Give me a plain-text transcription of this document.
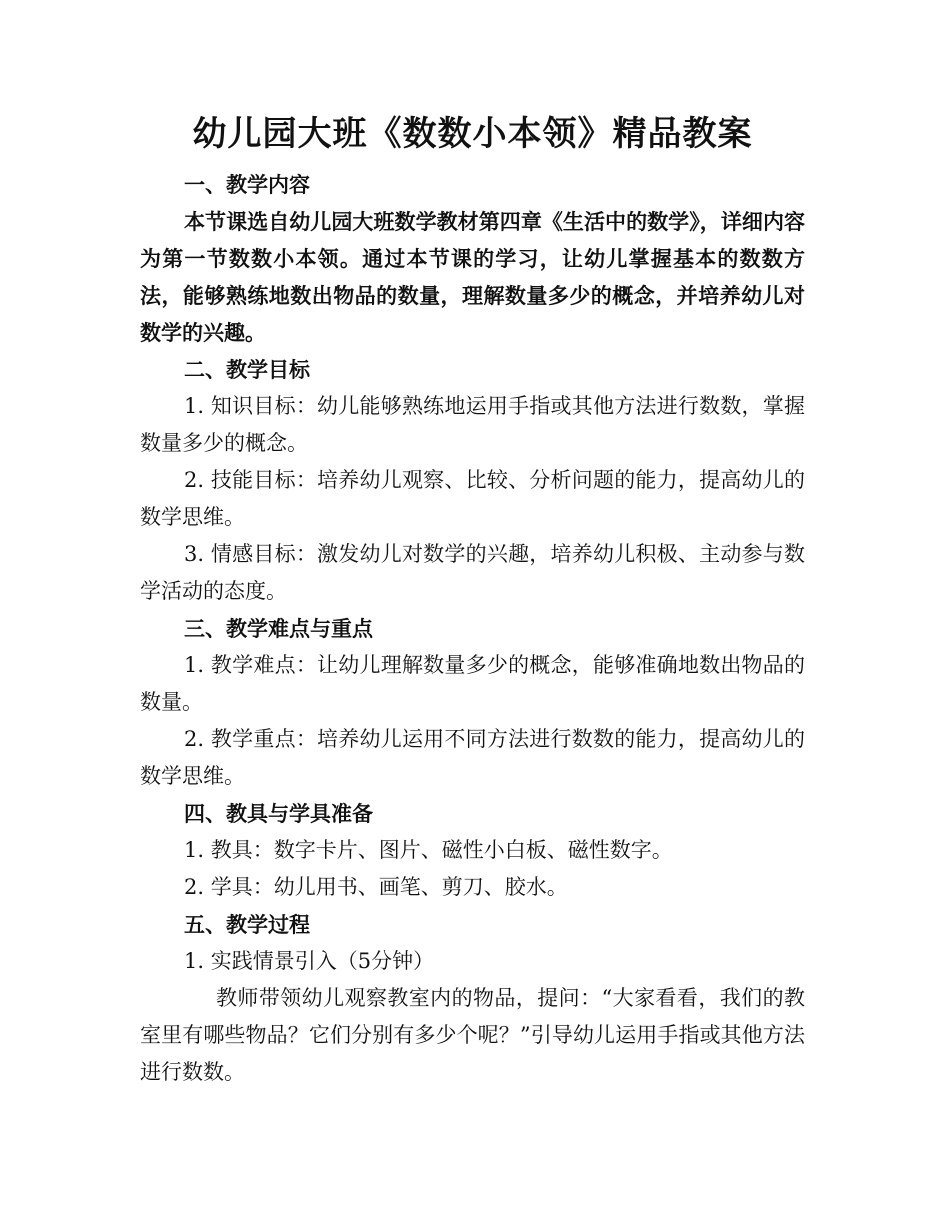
幼儿园大班《数数小本领》精品教案

一、教学内容

本节课选自幼儿园大班数学教材第四章《生活中的数学》，详细内容为第一节数数小本领。通过本节课的学习，让幼儿掌握基本的数数方法，能够熟练地数出物品的数量，理解数量多少的概念，并培养幼儿对数学的兴趣。

二、教学目标

1. 知识目标：幼儿能够熟练地运用手指或其他方法进行数数，掌握数量多少的概念。

2. 技能目标：培养幼儿观察、比较、分析问题的能力，提高幼儿的数学思维。

3. 情感目标：激发幼儿对数学的兴趣，培养幼儿积极、主动参与数学活动的态度。

三、教学难点与重点

1. 教学难点：让幼儿理解数量多少的概念，能够准确地数出物品的数量。

2. 教学重点：培养幼儿运用不同方法进行数数的能力，提高幼儿的数学思维。

四、教具与学具准备

1. 教具：数字卡片、图片、磁性小白板、磁性数字。

2. 学具：幼儿用书、画笔、剪刀、胶水。

五、教学过程

1. 实践情景引入（5分钟）

教师带领幼儿观察教室内的物品，提问：“大家看看，我们的教室里有哪些物品？它们分别有多少个呢？”引导幼儿运用手指或其他方法进行数数。
